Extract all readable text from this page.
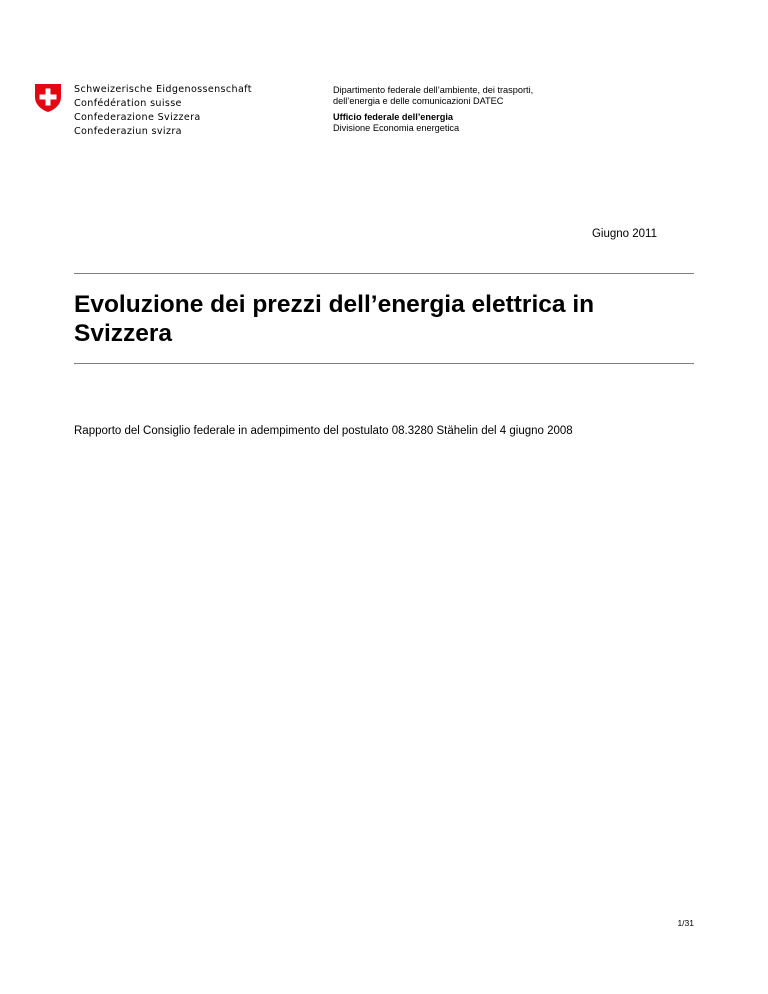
Schweizerische Eidgenossenschaft
Confédération suisse
Confederazione Svizzera
Confederaziun svizra
Dipartimento federale dell’ambiente, dei trasporti,
dell’energia e delle comunicazioni DATEC
Ufficio federale dell’energia
Divisione Economia energetica
Giugno 2011
Evoluzione dei prezzi dell’energia elettrica in Svizzera
Rapporto del Consiglio federale in adempimento del postulato 08.3280 Stähelin del 4 giugno 2008
1/31
